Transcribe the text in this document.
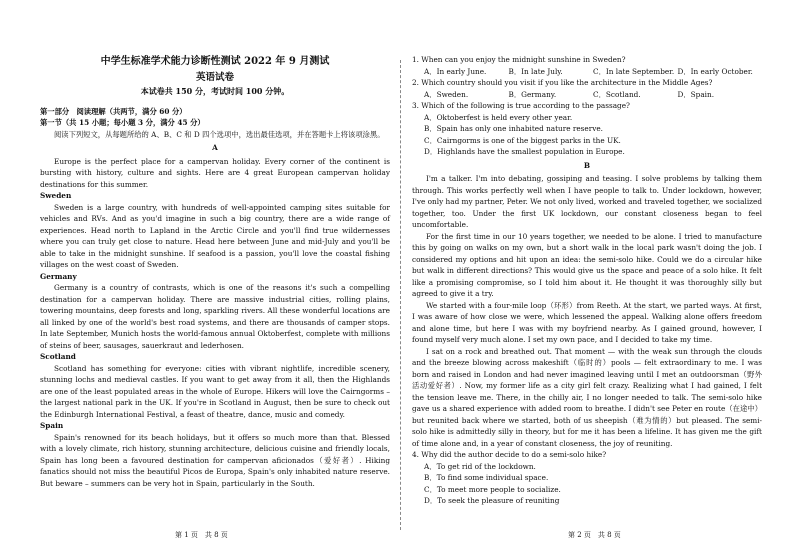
中学生标准学术能力诊断性测试 2022 年 9 月测试
英语试卷
本试卷共 150 分，考试时间 100 分钟。
第一部分　阅读理解（共两节，满分 60 分）
第一节（共 15 小题；每小题 3 分，满分 45 分）

阅读下列短文，从每题所给的 A、B、C 和 D 四个选项中，选出最佳选项，并在答题卡上将该项涂黑。

A

Europe is the perfect place for a campervan holiday. Every corner of the continent is bursting with history, culture and sights. Here are 4 great European campervan holiday destinations for this summer.

Sweden

Sweden is a large country, with hundreds of well-appointed camping sites suitable for vehicles and RVs. And as you'd imagine in such a big country, there are a wide range of experiences. Head north to Lapland in the Arctic Circle and you'll find true wildernesses where you can truly get close to nature. Head here between June and mid-July and you'll be able to take in the midnight sunshine. If seafood is a passion, you'll love the coastal fishing villages on the west coast of Sweden.

Germany

Germany is a country of contrasts, which is one of the reasons it's such a compelling destination for a campervan holiday. There are massive industrial cities, rolling plains, towering mountains, deep forests and long, sparkling rivers. All these wonderful locations are all linked by one of the world's best road systems, and there are thousands of camper stops. In late September, Munich hosts the world-famous annual Oktoberfest, complete with millions of steins of beer, sausages, sauerkraut and lederhosen.

Scotland

Scotland has something for everyone: cities with vibrant nightlife, incredible scenery, stunning lochs and medieval castles. If you want to get away from it all, then the Highlands are one of the least populated areas in the whole of Europe. Hikers will love the Cairngorms – the largest national park in the UK. If you're in Scotland in August, then be sure to check out the Edinburgh International Festival, a feast of theatre, dance, music and comedy.

Spain

Spain's renowned for its beach holidays, but it offers so much more than that. Blessed with a lovely climate, rich history, stunning architecture, delicious cuisine and friendly locals, Spain has long been a favoured destination for campervan aficionados（爱好者）. Hiking fanatics should not miss the beautiful Picos de Europa, Spain's only inhabited nature reserve. But beware – summers can be very hot in Spain, particularly in the South.

1. When can you enjoy the midnight sunshine in Sweden?

A．In early June.	B．In late July.	C．In late September. D．In early October.

2. Which country should you visit if you like the architecture in the Middle Ages?

A．Sweden.	B．Germany.	C．Scotland.	D．Spain.

3. Which of the following is true according to the passage?

A．Oktoberfest is held every other year.

B．Spain has only one inhabited nature reserve.

C．Cairngorms is one of the biggest parks in the UK.

D．Highlands have the smallest population in Europe.

B

I'm a talker. I'm into debating, gossiping and teasing. I solve problems by talking them through. This works perfectly well when I have people to talk to. Under lockdown, however, I've only had my partner, Peter. We not only lived, worked and traveled together, we socialized together, too. Under the first UK lockdown, our constant closeness began to feel uncomfortable.

For the first time in our 10 years together, we needed to be alone. I tried to manufacture this by going on walks on my own, but a short walk in the local park wasn't doing the job. I considered my options and hit upon an idea: the semi-solo hike. Could we do a circular hike but walk in different directions? This would give us the space and peace of a solo hike. It felt like a promising compromise, so I told him about it. He thought it was thoroughly silly but agreed to give it a try.

We started with a four-mile loop（环形）from Reeth. At the start, we parted ways. At first, I was aware of how close we were, which lessened the appeal. Walking alone offers freedom and alone time, but here I was with my boyfriend nearby. As I gained ground, however, I found myself very much alone. I set my own pace, and I decided to take my time.

I sat on a rock and breathed out. That moment — with the weak sun through the clouds and the breeze blowing across makeshift（临时的）pools — felt extraordinary to me. I was born and raised in London and had never imagined leaving until I met an outdoorsman（野外活动爱好者）. Now, my former life as a city girl felt crazy. Realizing what I had gained, I felt the tension leave me. There, in the chilly air, I no longer needed to talk. The semi-solo hike gave us a shared experience with added room to breathe. I didn't see Peter en route（在途中）but reunited back where we started, both of us sheepish（难为情的）but pleased. The semi-solo hike is admittedly silly in theory, but for me it has been a lifeline. It has given me the gift of time alone and, in a year of constant closeness, the joy of reuniting.

4. Why did the author decide to do a semi-solo hike?

A．To get rid of the lockdown.

B．To find some individual space.

C．To meet more people to socialize.

D．To seek the pleasure of reuniting

第 1 页　共 8 页	第 2 页　共 8 页
